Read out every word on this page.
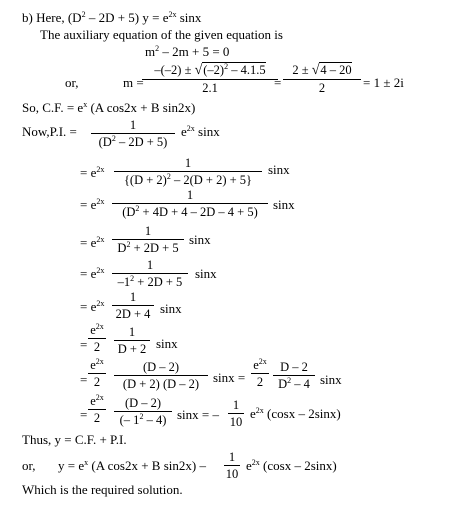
b) Here, $(D^2 - 2D + 5) y = e^{2x}$ sinx
The auxiliary equation of the given equation is
$m^2 - 2m + 5 = 0$
or,	m =
$-(-2) \pm √(-2)^2 - 4.1.5$
2.1	=
2 ± √4 – 20
2	= 1 ± 2i
So, C.F. = $e^x$ (A cos2x + B sin2x)
Now,P.I. =	1
$(D^2 - 2D + 5)$
$e^{2x}$ sinx
= $e^{2x}$	1
$\{(D + 2)^2 - 2(D + 2) + 5\}$
sinx
= $e^{2x}$	1
$(D^2 + 4D + 4 - 2D - 4 + 5)$	sinx
= $e^{2x}$
1
$D^2 + 2D + 5$
sinx
= $e^{2x}$	1
$-1^2 + 2D + 5$
sinx
= $e^{2x}$	1
2D + 4 sinx
=
$e^{2x}$
2
1
D + 2 sinx
=
$e^{2x}$
2
(D – 2)
(D + 2) (D – 2)	sinx =
$e^{2x}$
2
D – 2
$D^2 - 4$ sinx
=
$e^{2x}$
2
(D – 2)
(– $1^2 - 4$) sinx = –
1
10
$e^{2x}$ (cosx – 2sinx)
Thus, y = C.F. + P.I.
or, $y = e^x$ (A cos2x + B sin2x) –
1
10
$e^{2x}$ (cosx – 2sinx)
Which is the required solution.
